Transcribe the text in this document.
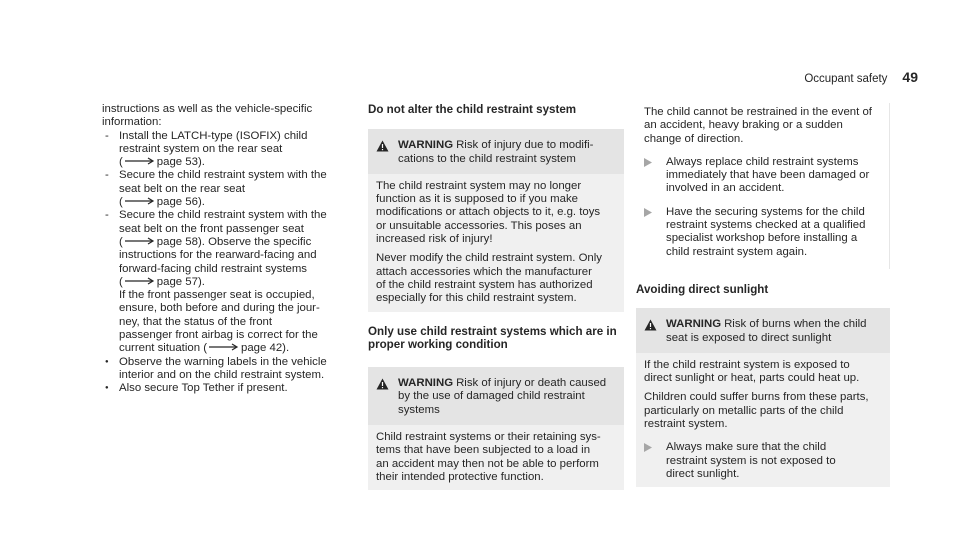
Occupant safety 49

instructions as well as the vehicle-specific
information:

- Install the LATCH-type (ISOFIX) child
restraint system on the rear seat
(	page 53).
- Secure the child restraint system with the
seat belt on the rear seat
(	page 56).
- Secure the child restraint system with the
seat belt on the front passenger seat
(	page 58). Observe the specific
instructions for the rearward-facing and
forward-facing child restraint systems
(	page 57).
If the front passenger seat is occupied,
ensure, both before and during the jour-
ney, that the status of the front
passenger front airbag is correct for the
current situation (	page 42).
●
Observe the warning labels in the vehicle
interior and on the child restraint system.
●
Also secure Top Tether if present.

Do not alter the child restraint system

WARNING Risk of injury due to modifi-
cations to the child restraint system

The child restraint system may no longer
function as it is supposed to if you make
modifications or attach objects to it, e.g. toys
or unsuitable accessories. This poses an
increased risk of injury!

Never modify the child restraint system. Only
attach accessories which the manufacturer
of the child restraint system has authorized
especially for this child restraint system.

Only use child restraint systems which are in
proper working condition

WARNING Risk of injury or death caused
by the use of damaged child restraint
systems

Child restraint systems or their retaining sys-
tems that have been subjected to a load in
an accident may then not be able to perform
their intended protective function.

The child cannot be restrained in the event of
an accident, heavy braking or a sudden
change of direction.

Always replace child restraint systems
immediately that have been damaged or
involved in an accident.
Have the securing systems for the child
restraint systems checked at a qualified
specialist workshop before installing a
child restraint system again.

Avoiding direct sunlight

WARNING Risk of burns when the child
seat is exposed to direct sunlight

If the child restraint system is exposed to
direct sunlight or heat, parts could heat up.

Children could suffer burns from these parts,
particularly on metallic parts of the child
restraint system.

Always make sure that the child
restraint system is not exposed to
direct sunlight.
